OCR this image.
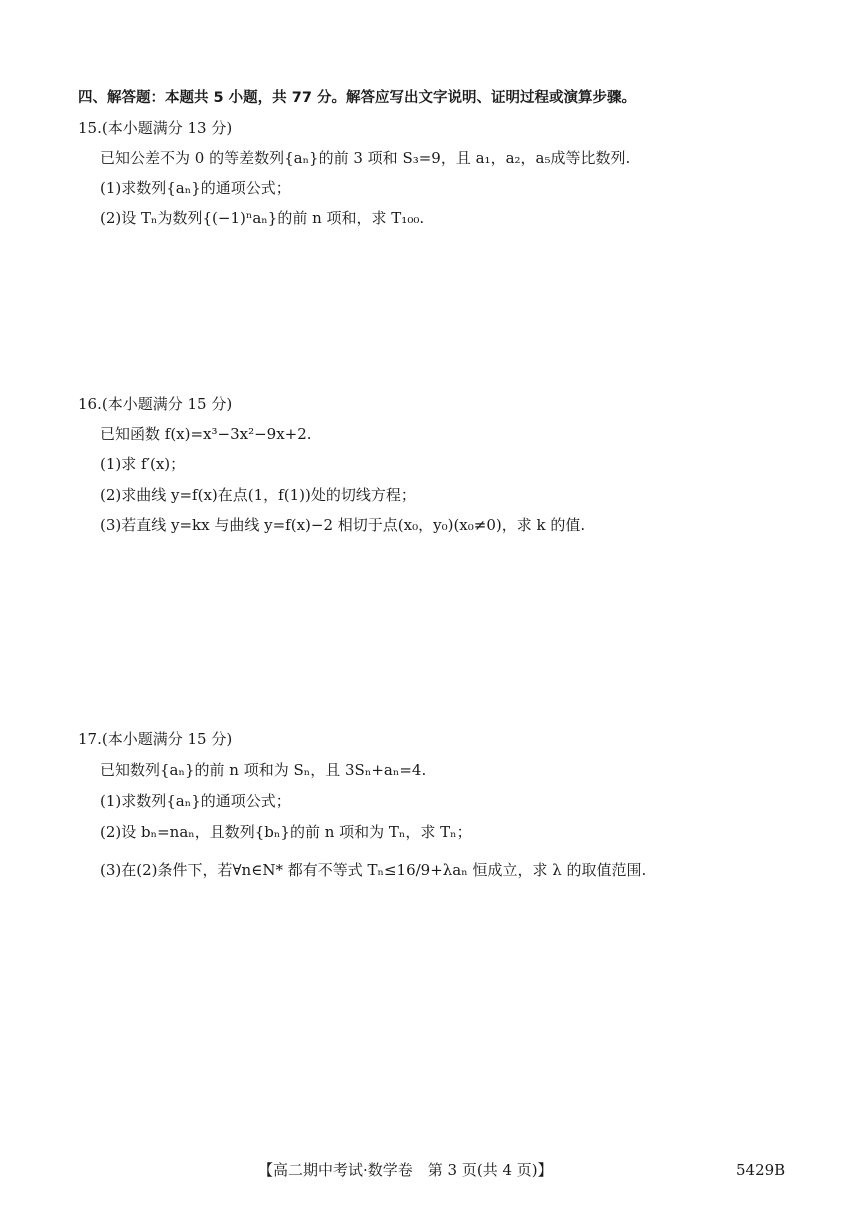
四、解答题：本题共 5 小题，共 77 分。解答应写出文字说明、证明过程或演算步骤。
15.(本小题满分 13 分)
已知公差不为 0 的等差数列{aₙ}的前 3 项和 S₃=9，且 a₁，a₂，a₅成等比数列.
(1)求数列{aₙ}的通项公式；
(2)设 Tₙ为数列{(−1)ⁿaₙ}的前 n 项和，求 T₁₀₀.
16.(本小题满分 15 分)
已知函数 f(x)=x³−3x²−9x+2.
(1)求 f′(x)；
(2)求曲线 y=f(x)在点(1，f(1))处的切线方程；
(3)若直线 y=kx 与曲线 y=f(x)−2 相切于点(x₀，y₀)(x₀≠0)，求 k 的值.
17.(本小题满分 15 分)
已知数列{aₙ}的前 n 项和为 Sₙ，且 3Sₙ+aₙ=4.
(1)求数列{aₙ}的通项公式；
(2)设 bₙ=naₙ，且数列{bₙ}的前 n 项和为 Tₙ，求 Tₙ；
(3)在(2)条件下，若∀n∈N* 都有不等式 Tₙ≤16/9+λaₙ 恒成立，求 λ 的取值范围.
【高二期中考试·数学卷　第 3 页(共 4 页)】	5429B
